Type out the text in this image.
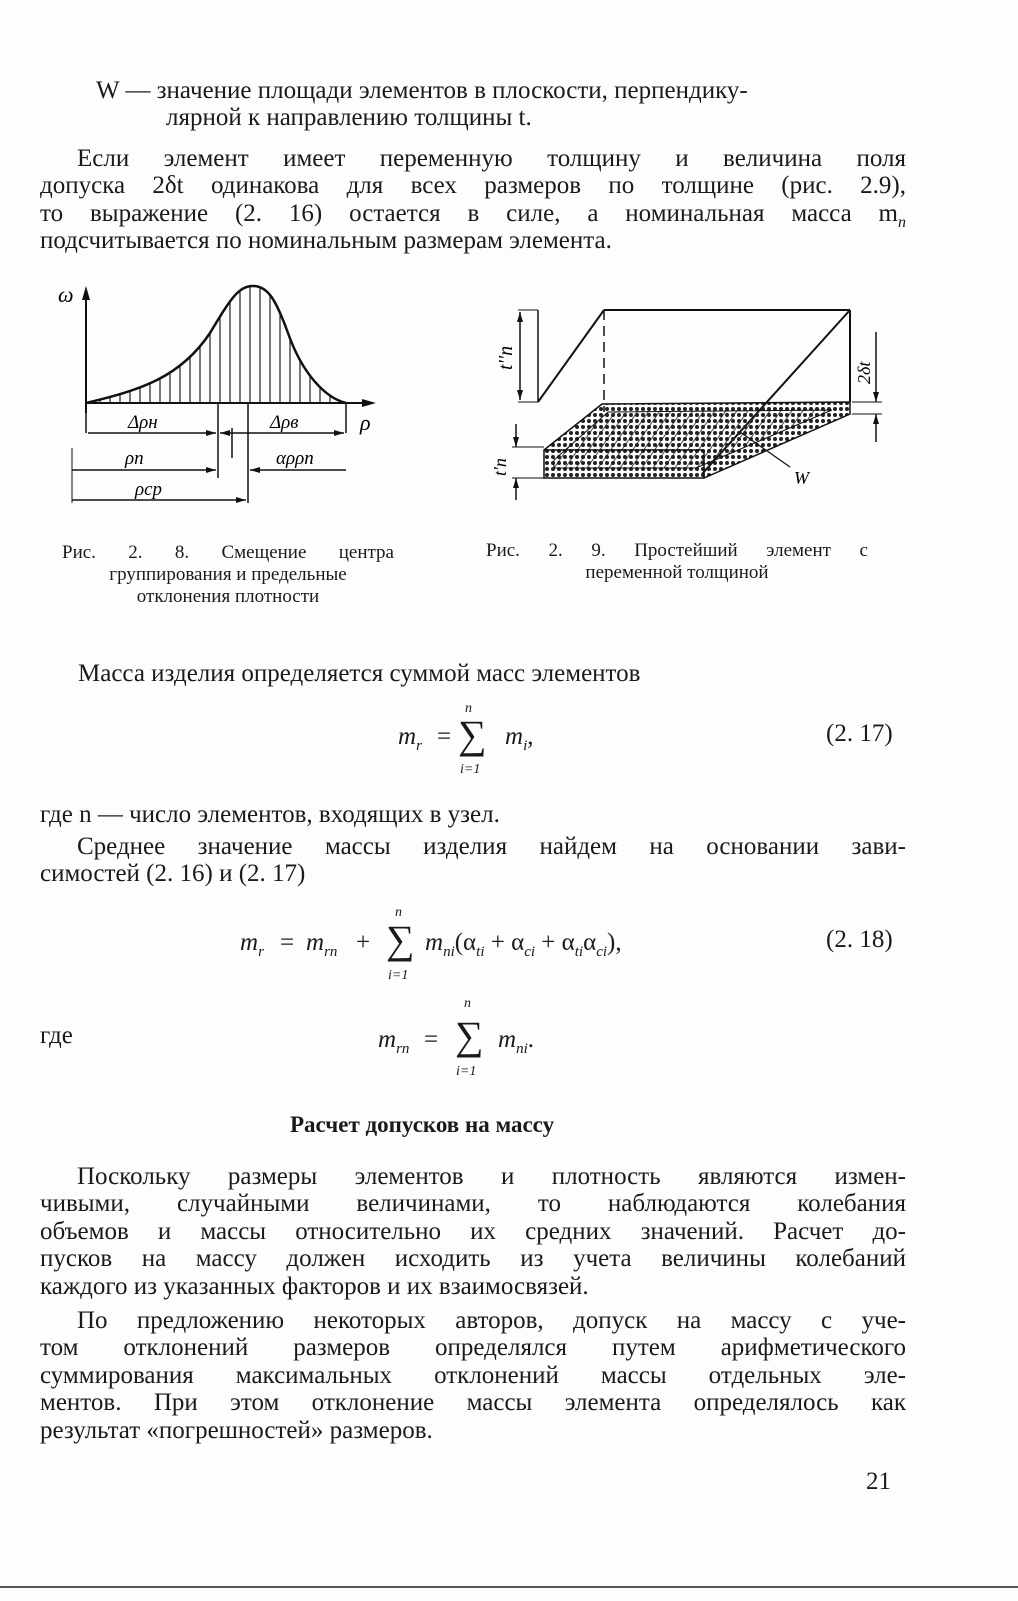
W — значение площади элементов в плоскости, перпендику-
лярной к направлению толщины t.
Если элемент имеет переменную толщину и величина поля
допуска 2δt одинакова для всех размеров по толщине (рис. 2.9),
то выражение (2. 16) остается в силе, а номинальная масса $m_n$
подсчитывается по номинальным размерам элемента.
ω
ρ
Δρн	Δρв
ρп	αρρп
ρср
Рис. 2. 8. Смещение центра
группирования и предельные
отклонения плотности
t''п
t'п
2δt
W
Рис. 2. 9. Простейший элемент с
переменной толщиной
Масса изделия определяется суммой масс элементов
$m_r$ =
n
∑
i=1
$m_i$,	(2. 17)
где n — число элементов, входящих в узел.
Среднее значение массы изделия найдем на основании зави-
симостей (2. 16) и (2. 17)
$m_r = m_{rn}$ +
n
∑
i=1
$m_{ni}(\alpha_{ti} + \alpha_{ci} + \alpha_{ti}\alpha_{ci})$,	(2. 18)
где	$m_{rn}$ =
n
∑
i=1
$m_{ni}$.
Расчет допусков на массу
Поскольку размеры элементов и плотность являются измен-
чивыми, случайными величинами, то наблюдаются колебания
объемов и массы относительно их средних значений. Расчет до-
пусков на массу должен исходить из учета величины колебаний
каждого из указанных факторов и их взаимосвязей.
По предложению некоторых авторов, допуск на массу с уче-
том отклонений размеров определялся путем арифметического
суммирования максимальных отклонений массы отдельных эле-
ментов. При этом отклонение массы элемента определялось как
результат «погрешностей» размеров.
21
